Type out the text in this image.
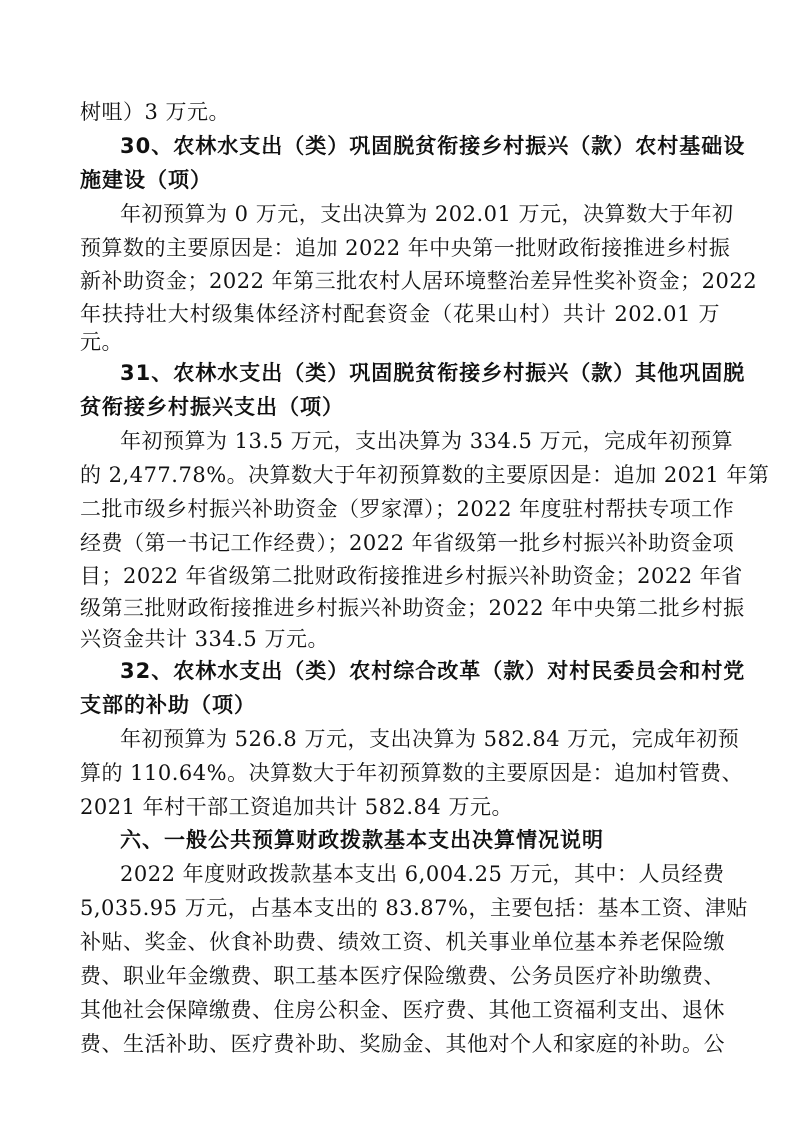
树咀）3 万元。
30、农林水支出（类）巩固脱贫衔接乡村振兴（款）农村基础设
施建设（项）
年初预算为 0 万元，支出决算为 202.01 万元，决算数大于年初
预算数的主要原因是：追加 2022 年中央第一批财政衔接推进乡村振
新补助资金；2022 年第三批农村人居环境整治差异性奖补资金；2022
年扶持壮大村级集体经济村配套资金（花果山村）共计 202.01 万
元。
31、农林水支出（类）巩固脱贫衔接乡村振兴（款）其他巩固脱
贫衔接乡村振兴支出（项）
年初预算为 13.5 万元，支出决算为 334.5 万元，完成年初预算
的 2,477.78%。决算数大于年初预算数的主要原因是：追加 2021 年第
二批市级乡村振兴补助资金（罗家潭）；2022 年度驻村帮扶专项工作
经费（第一书记工作经费）；2022 年省级第一批乡村振兴补助资金项
目；2022 年省级第二批财政衔接推进乡村振兴补助资金；2022 年省
级第三批财政衔接推进乡村振兴补助资金；2022 年中央第二批乡村振
兴资金共计 334.5 万元。
32、农林水支出（类）农村综合改革（款）对村民委员会和村党
支部的补助（项）
年初预算为 526.8 万元，支出决算为 582.84 万元，完成年初预
算的 110.64%。决算数大于年初预算数的主要原因是：追加村管费、
2021 年村干部工资追加共计 582.84 万元。
六、一般公共预算财政拨款基本支出决算情况说明
2022 年度财政拨款基本支出 6,004.25 万元，其中：人员经费
5,035.95 万元，占基本支出的 83.87%，主要包括：基本工资、津贴
补贴、奖金、伙食补助费、绩效工资、机关事业单位基本养老保险缴
费、职业年金缴费、职工基本医疗保险缴费、公务员医疗补助缴费、
其他社会保障缴费、住房公积金、医疗费、其他工资福利支出、退休
费、生活补助、医疗费补助、奖励金、其他对个人和家庭的补助。公
